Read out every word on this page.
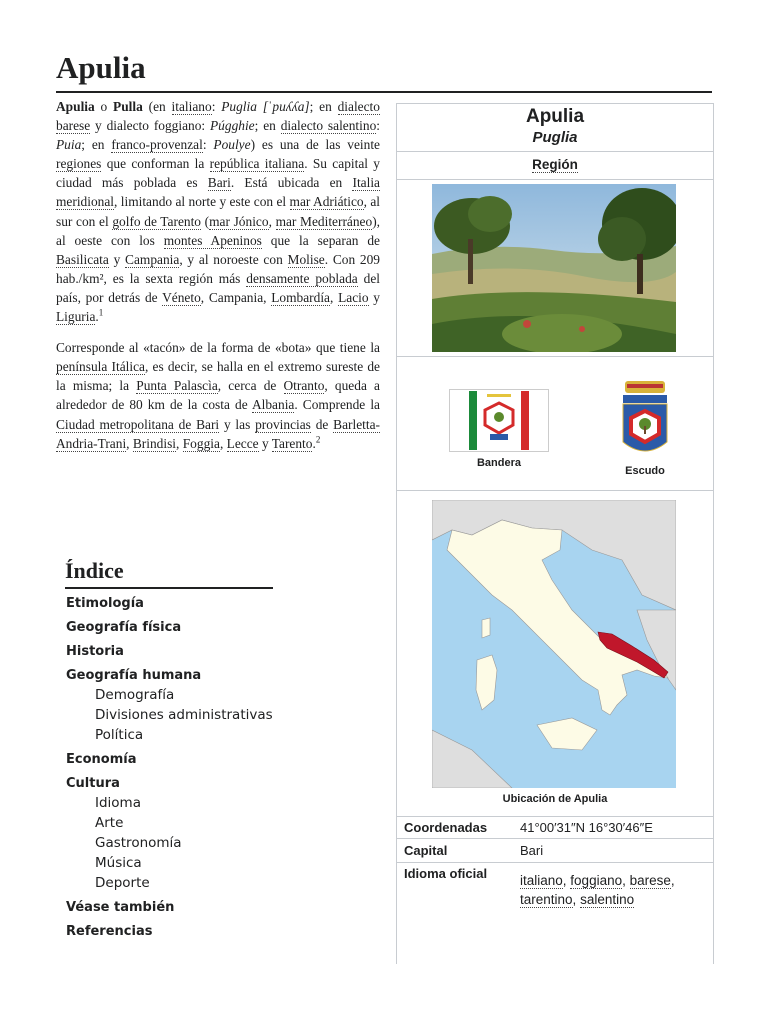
Apulia

Apulia o Pulla (en italiano: Puglia [ˈpuʎʎa]; en dialecto barese y dialecto foggiano: Púgghie; en dialecto salentino: Puia; en franco-provenzal: Poulye) es una de las veinte regiones que conforman la república italiana. Su capital y ciudad más poblada es Bari. Está ubicada en Italia meridional, limitando al norte y este con el mar Adriático, al sur con el golfo de Tarento (mar Jónico, mar Mediterráneo), al oeste con los montes Apeninos que la separan de Basilicata y Campania, y al noroeste con Molise. Con 209 hab./km², es la sexta región más densamente poblada del país, por detrás de Véneto, Campania, Lombardía, Lacio y Liguria.$^1$

Corresponde al «tacón» de la forma de «bota» que tiene la península Itálica, es decir, se halla en el extremo sureste de la misma; la Punta Palascìa, cerca de Otranto, queda a alrededor de 80 km de la costa de Albania. Comprende la Ciudad metropolitana de Bari y las provincias de Barletta-Andria-Trani, Brindisi, Foggia, Lecce y Tarento.$^2$

Índice
Etimología
Geografía física
Historia
Geografía humana
Demografía
Divisiones administrativas
Política
Economía
Cultura
Idioma
Arte
Gastronomía
Música
Deporte
Véase también
Referencias
Apulia
Puglia
Región
Bandera
Escudo
Ubicación de Apulia
Coordenadas	41°00′31″N 16°30′46″E
Capital	Bari
Idioma oficial italiano, foggiano, barese, tarentino, salentino
